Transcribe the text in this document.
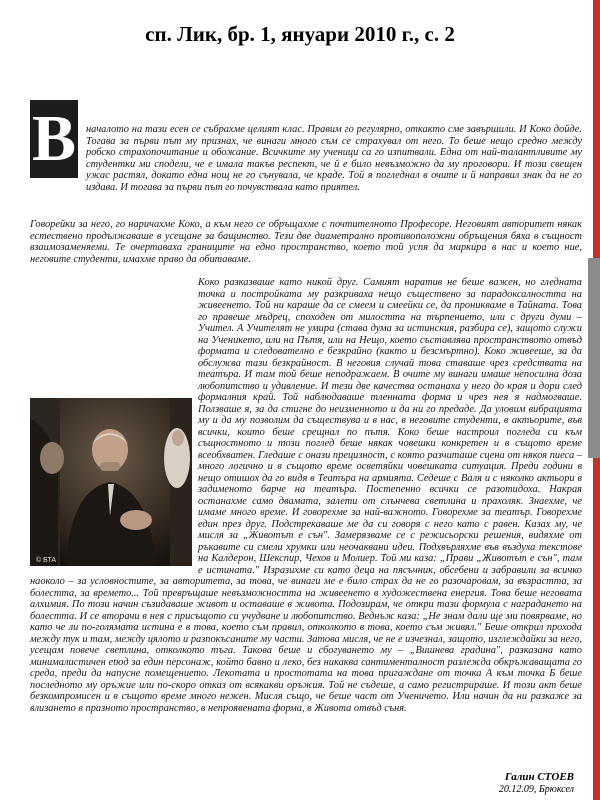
сп. Лик, бр. 1, януари 2010 г., с. 2
В
© БТА

началото на тази есен се събрахме целият клас. Правим го регулярно, откакто сме завършили. И Коко дойде. Тогава за първи път му признах, че винаги много съм се страхувал от него. То беше нещо средно между робско страхопочитание и обожание. Всичките му ученици са го изпитвали. Една от най-талантливите му студентки ми сподели, че е имала такъв респект, че й е било невъзможно да му проговори. И този свещен ужас растял, докато една нощ не го сънувала, че краде. Той я погледнал в очите и й направил знак да не го издава. И тогава за първи път го почувствала като приятел.

Говорейки за него, го наричахме Коко, а към него се обръщахме с почтителното Професоре. Неговият авторитет някак естествено продължаваше в усещане за бащинство. Тези две диаметрално противоположни обръщения бяха в същност взаимозаменяеми. Те очертаваха границите на едно пространство, което той успя да маркира в нас и което ние, неговите студенти, имахме право да обитаваме.

Коко разказваше като никой друг. Самият наратив не беше важен, но гледната точка и постройката му разкриваха нещо съществено за парадоксалността на живеенето. Той ни караше да се смеем и смеейки се, да проникваме в Тайната. Това го правеше мъдрец, споходен от милостта на търпението, или с други думи – Учител. А Учителят не умира (става дума за истинския, разбира се), защото служи на Ученикето, или на Пътя, или на Нещо, което съставлява пространството отвъд формата и следователно е безкрайно (както и безсмъртно). Коко живееше, за да обслужва тази безкрайност. В неговия случай това ставаше чрез средствата на театъра. И там той беше неподражаем. В очите му винаги имаше непосилна доза любопитство и удивление. И тези две качества останаха у него до края и дори след формалния край. Той наблюдаваше тленната форма и чрез нея я надмогваше. Ползваше я, за да стигне до неизменното и да ни го предаде. Да уловим вибрацията му и да му позволим да съществува и в нас, в неговите студенти, в актьорите, във всички, които беше срещнал по пътя. Коко беше настроил погледа си към същностното и този поглед беше някак човешки конкретен и в същото време всеобхватен. Гледаше с онази прецизност, с която разчиташе сцена от някоя пиеса – много логично и в същото време осветяйки човешката ситуация. Преди години в нещо отишох да го видя в Театъра на армията. Седеше с Валя и с няколко актьори в задименото барче на театъра. Постепенно всички се разотидоха. Накрая останахме само двамата, залети от слънчева светлина и прахоляк. Знаехме, че имаме много време. И говорехме за най-важното. Говорехме за театър. Говорехме един през друг. Подстрекаваше ме да си говоря с него като с равен. Казах му, че мисля за „Животът е сън". Замерязваме се с режисьорски решения, видяхме от ръкавите си смели хрумки или неочаквани идеи. Подхвърляхме във въздуха текстове на Калдерон, Шекспир, Чехов и Молиер. Той ми каза: „Прави „Животът е сън", там е истината." Изразихме си като деца на пясъчник, обсебени и забравили за всичко наоколо – за условностите, за авторитета, за това, че винаги ме е било страх да не го разочаровам, за възрастта, за болестта, за времето... Той превръщаше невъзможността на живеенето в художествена енергия. Това беше неговата алхимия. По този начин съзидаваше живот и оставаше в живота. Подозирам, че откри тази формула с наградането на болестта. И се вторачи в нея с присъщото си учудване и любопитство. Веднъж каза: „Не знам дали ще ми повярваме, но като че ли по-голямата истина е в това, което съм правил, отколкото в това, което съм живял." Беше открил прохода между тук и там, между цялото и разпокъсаните му части. Затова мисля, че не е изчезнал, защото, изглеждайки за него, усещам повече светлина, отколкото тъга. Такова беше и сбогуването му – „Вишнева градина", разказана като минималистичен etюд за един персонаж, който бавно и леко, без никаква сантименталност разлежда обкръжаващата го среда, преди да напусне помещението. Лекотата и простотата на това пригаждане от точка А към точка Б беше последното му оръжие или по-скоро отказ от всякакви оръжия. Той не съдеше, а само регистрираше. И този акт беше безкомпромисен и в същото време много нежен. Мисля също, че беше част от Ученичето. Или начин да ни разкаже за влизането в празното пространство, в непроявената форма, в Живота отвъд съня.

Галин СТОЕВ
20.12.09, Брюксел
